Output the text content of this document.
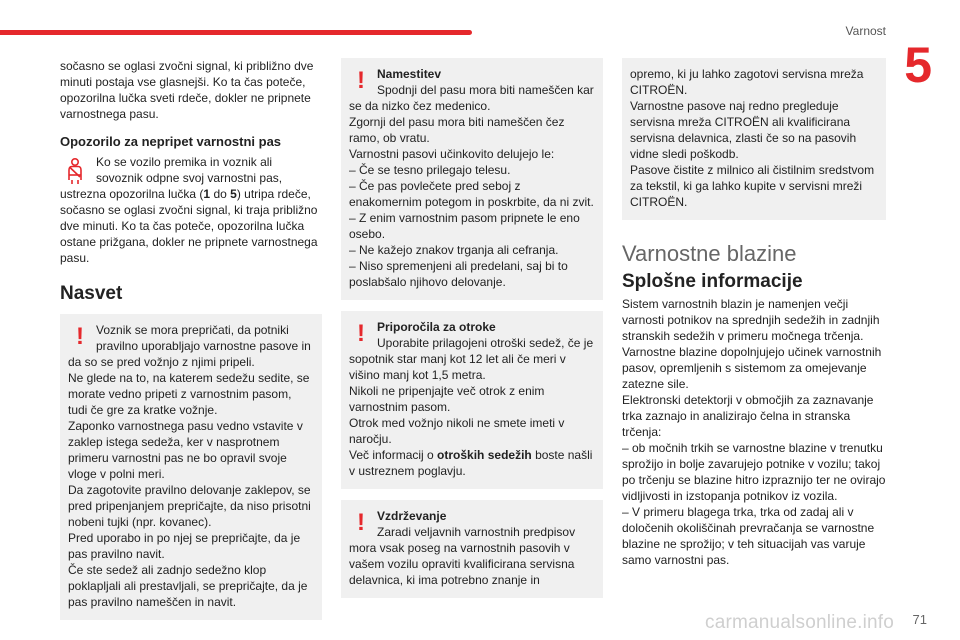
Varnost
5

sočasno se oglasi zvočni signal, ki približno dve minuti postaja vse glasnejši. Ko ta čas poteče, opozorilna lučka sveti rdeče, dokler ne pripnete varnostnega pasu.

Opozorilo za nepripet varnostni pas

Ko se vozilo premika in voznik ali sovoznik odpne svoj varnostni pas, ustrezna opozorilna lučka (1 do 5) utripa rdeče, sočasno se oglasi zvočni signal, ki traja približno dve minuti. Ko ta čas poteče, opozorilna lučka ostane prižgana, dokler ne pripnete varnostnega pasu.

Nasvet
!	Voznik se mora prepričati, da potniki pravilno uporabljajo varnostne pasove in da so se pred vožnjo z njimi pripeli.
Ne glede na to, na katerem sedežu sedite, se morate vedno pripeti z varnostnim pasom, tudi če gre za kratke vožnje.
Zaponko varnostnega pasu vedno vstavite v zaklep istega sedeža, ker v nasprotnem primeru varnostni pas ne bo opravil svoje vloge v polni meri.
Da zagotovite pravilno delovanje zaklepov, se pred pripenjanjem prepričajte, da niso prisotni nobeni tujki (npr. kovanec).
Pred uporabo in po njej se prepričajte, da je pas pravilno navit.
Če ste sedež ali zadnjo sedežno klop poklapljali ali prestavljali, se prepričajte, da je pas pravilno nameščen in navit.

!	Namestitev

Spodnji del pasu mora biti nameščen kar se da nizko čez medenico.
Zgornji del pasu mora biti nameščen čez ramo, ob vratu.
Varnostni pasovi učinkovito delujejo le:
– Če se tesno prilegajo telesu.
– Če pas povlečete pred seboj z enakomernim potegom in poskrbite, da ni zvit.
– Z enim varnostnim pasom pripnete le eno osebo.
– Ne kažejo znakov trganja ali cefranja.
– Niso spremenjeni ali predelani, saj bi to poslabšalo njihovo delovanje.

!	Priporočila za otroke

Uporabite prilagojeni otroški sedež, če je sopotnik star manj kot 12 let ali če meri v višino manj kot 1,5 metra.
Nikoli ne pripenjajte več otrok z enim varnostnim pasom.
Otrok med vožnjo nikoli ne smete imeti v naročju.
Več informacij o otroških sedežih boste našli v ustreznem poglavju.

!	Vzdrževanje

Zaradi veljavnih varnostnih predpisov mora vsak poseg na varnostnih pasovih v vašem vozilu opraviti kvalificirana servisna delavnica, ki ima potrebno znanje in

opremo, ki ju lahko zagotovi servisna mreža CITROËN.
Varnostne pasove naj redno pregleduje servisna mreža CITROËN ali kvalificirana servisna delavnica, zlasti če so na pasovih vidne sledi poškodb.
Pasove čistite z milnico ali čistilnim sredstvom za tekstil, ki ga lahko kupite v servisni mreži CITROËN.

Varnostne blazine
Splošne informacije

Sistem varnostnih blazin je namenjen večji varnosti potnikov na sprednjih sedežih in zadnjih stranskih sedežih v primeru močnega trčenja. Varnostne blazine dopolnjujejo učinek varnostnih pasov, opremljenih s sistemom za omejevanje zatezne sile.
Elektronski detektorji v območjih za zaznavanje trka zaznajo in analizirajo čelna in stranska trčenja:
– ob močnih trkih se varnostne blazine v trenutku sprožijo in bolje zavarujejo potnike v vozilu; takoj po trčenju se blazine hitro izpraznijo ter ne ovirajo vidljivosti in izstopanja potnikov iz vozila.
– V primeru blagega trka, trka od zadaj ali v določenih okoliščinah prevračanja se varnostne blazine ne sprožijo; v teh situacijah vas varuje samo varnostni pas.

carmanualsonline.info 71
